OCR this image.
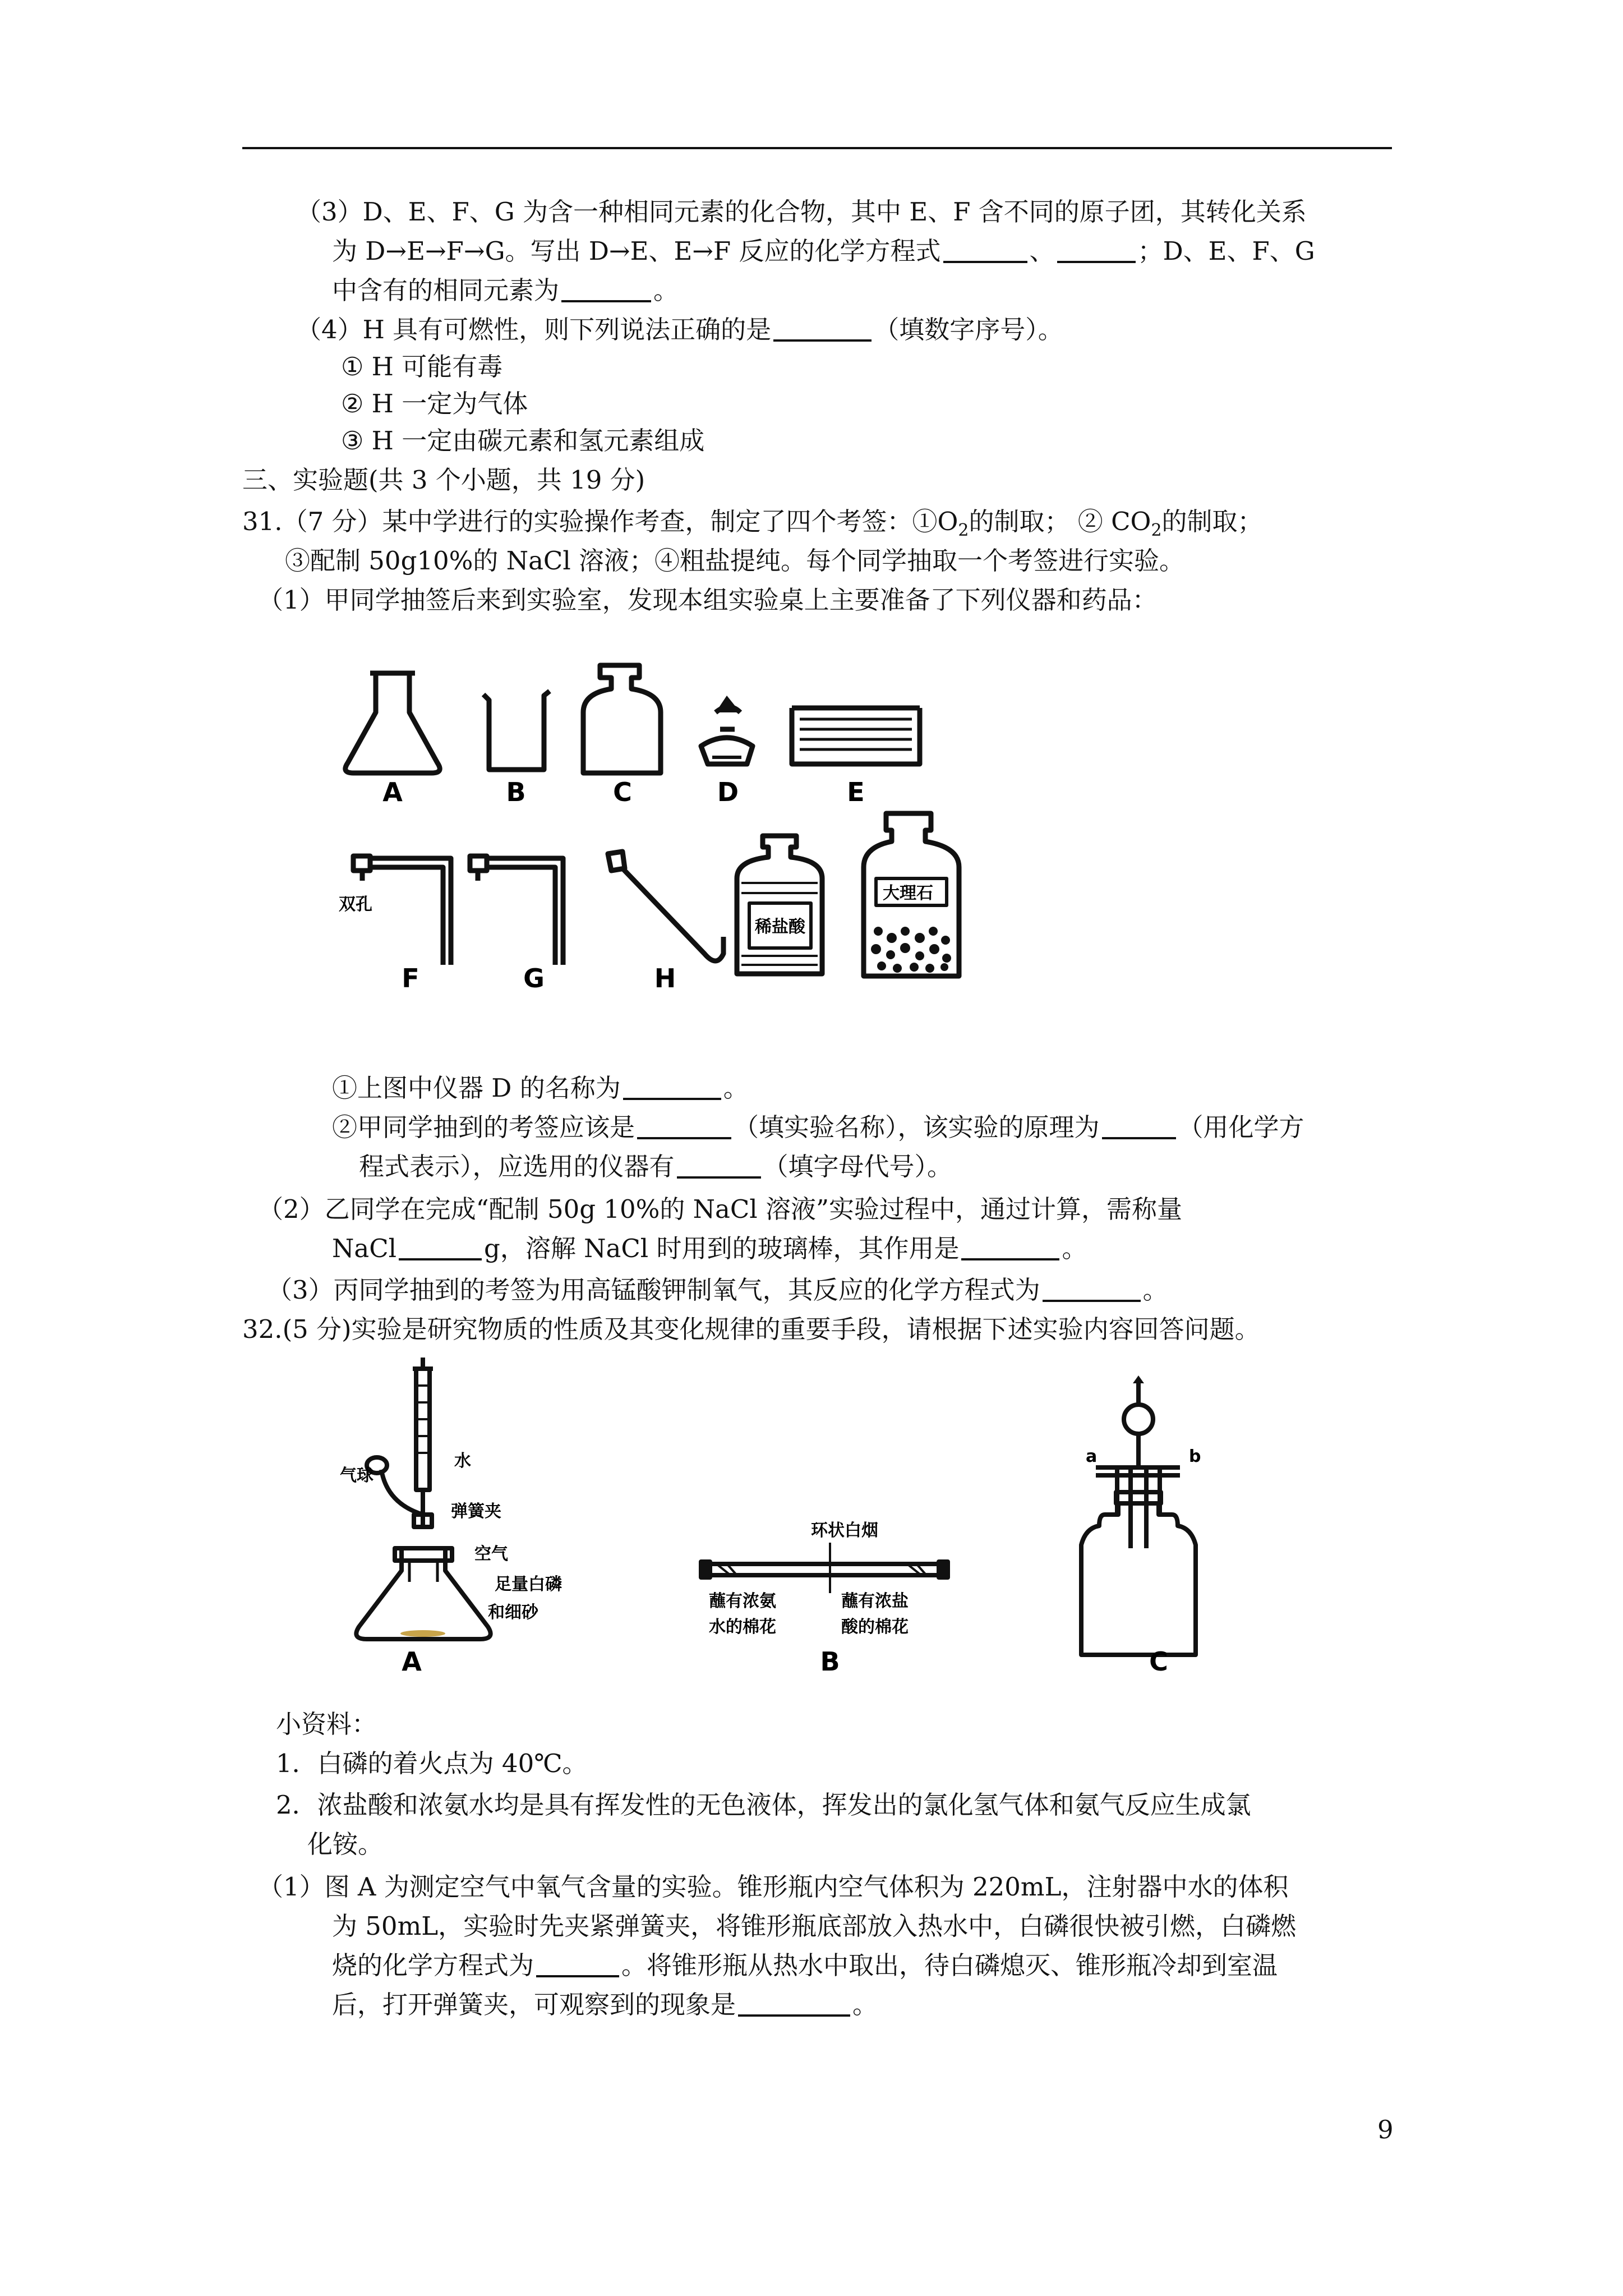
（3）D、E、F、G 为含一种相同元素的化合物，其中 E、F 含不同的原子团，其转化关系
为 D→E→F→G。写出 D→E、E→F 反应的化学方程式	、	；D、E、F、G
中含有的相同元素为	。
（4）H 具有可燃性，则下列说法正确的是	（填数字序号）。
① H 可能有毒
② H 一定为气体
③ H 一定由碳元素和氢元素组成
三、实验题(共 3 个小题，共 19 分)
31.（7 分）某中学进行的实验操作考查，制定了四个考签：$①O_2$的制取； ② $CO_2$的制取；
③配制 50g10%的 NaCl 溶液；④粗盐提纯。每个同学抽取一个考签进行实验。
（1）甲同学抽签后来到实验室，发现本组实验桌上主要准备了下列仪器和药品：
A	B	C	D	E
F	G	H
双孔
稀盐酸
大理石
①上图中仪器 D 的名称为	。
②甲同学抽到的考签应该是	（填实验名称），该实验的原理为	（用化学方
程式表示），应选用的仪器有	（填字母代号）。
（2）乙同学在完成“配制 50g 10%的 NaCl 溶液”实验过程中，通过计算，需称量
NaCl	g，溶解 NaCl 时用到的玻璃棒，其作用是	。
（3）丙同学抽到的考签为用高锰酸钾制氧气，其反应的化学方程式为	。
32.(5 分)实验是研究物质的性质及其变化规律的重要手段，请根据下述实验内容回答问题。
气球
水
弹簧夹
空气
足量白磷
和细砂
A
环状白烟
蘸有浓氨
水的棉花
蘸有浓盐
酸的棉花
B
a	b
C
小资料：
1．白磷的着火点为 40℃。
2．浓盐酸和浓氨水均是具有挥发性的无色液体，挥发出的氯化氢气体和氨气反应生成氯
化铵。
（1）图 A 为测定空气中氧气含量的实验。锥形瓶内空气体积为 220mL，注射器中水的体积
为 50mL，实验时先夹紧弹簧夹，将锥形瓶底部放入热水中，白磷很快被引燃，白磷燃
烧的化学方程式为	。将锥形瓶从热水中取出，待白磷熄灭、锥形瓶冷却到室温
后，打开弹簧夹，可观察到的现象是	。
9
